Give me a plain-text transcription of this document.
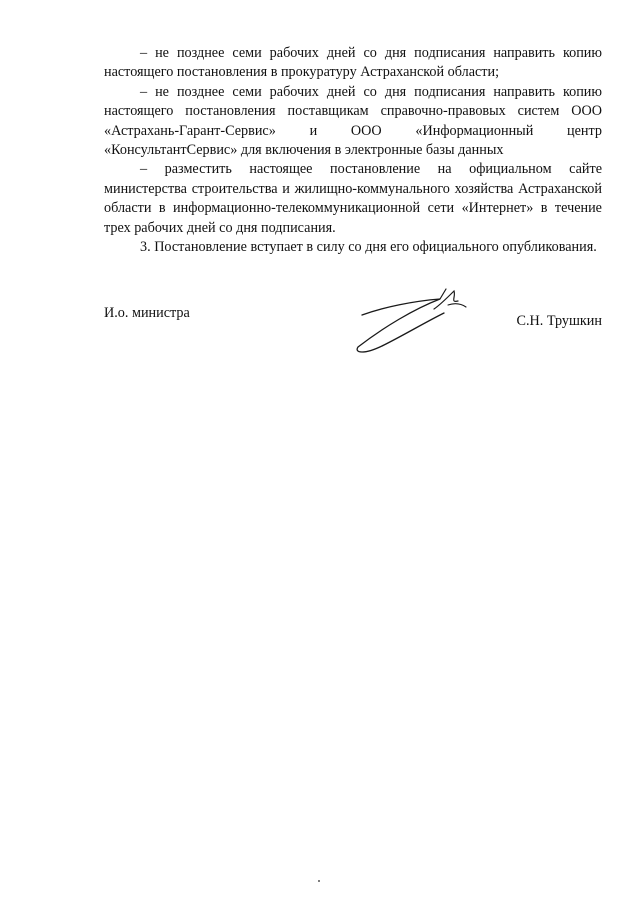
– не позднее семи рабочих дней со дня подписания направить копию настоящего постановления в прокуратуру Астраханской области;

– не позднее семи рабочих дней со дня подписания направить копию настоящего постановления поставщикам справочно-правовых систем ООО «Астрахань-Гарант-Сервис» и ООО «Информационный центр «КонсультантСервис» для включения в электронные базы данных

– разместить настоящее постановление на официальном сайте министерства строительства и жилищно-коммунального хозяйства Астраханской области в информационно-телекоммуникационной сети «Интернет» в течение трех рабочих дней со дня подписания.

3. Постановление вступает в силу со дня его официального опубликования.

И.о. министра	С.Н. Трушкин
